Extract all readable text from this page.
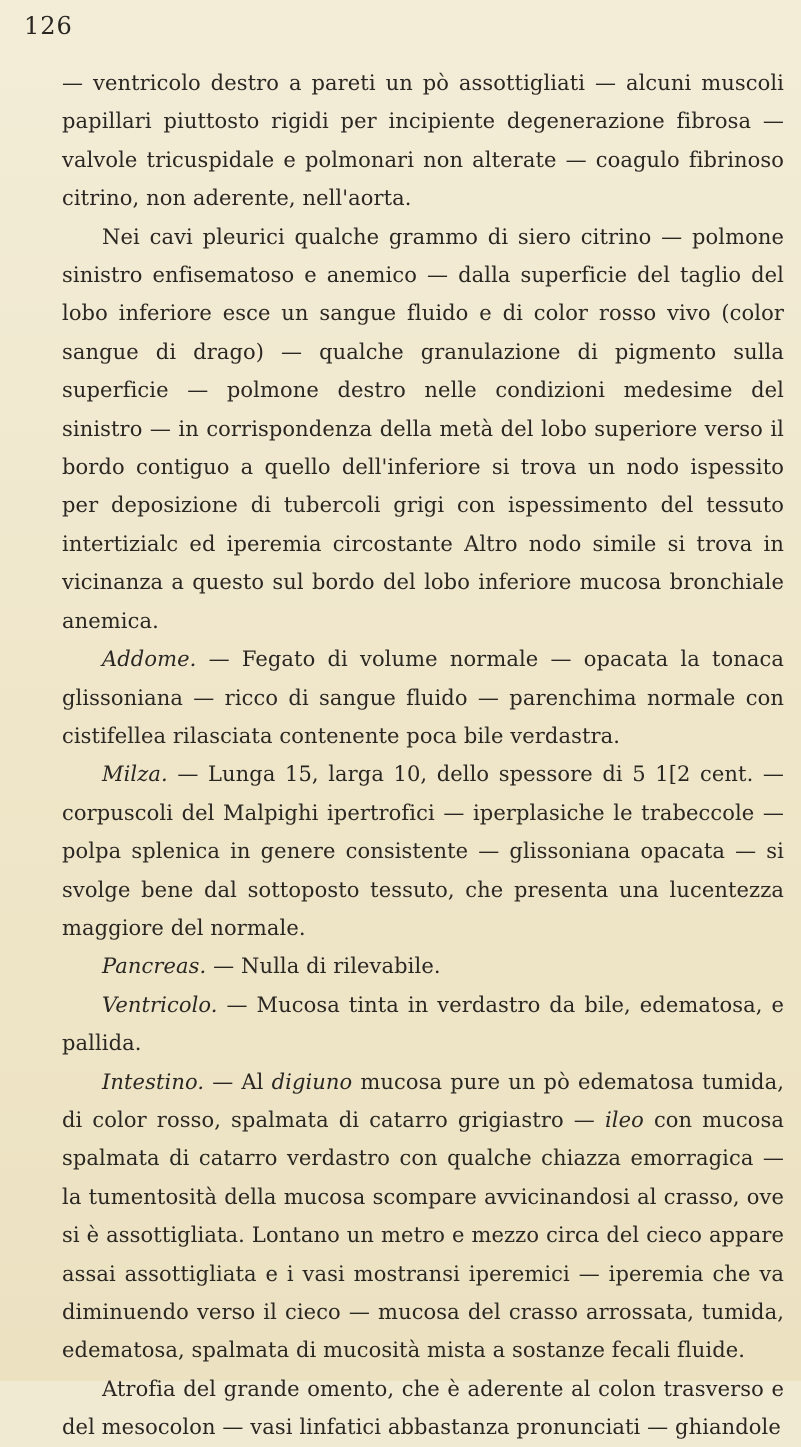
126

— ventricolo destro a pareti un pò assottigliati — alcuni muscoli papillari piuttosto rigidi per incipiente degenerazione fibrosa — valvole tricuspidale e polmonari non alterate — coagulo fibrinoso citrino, non aderente, nell'aorta.

Nei cavi pleurici qualche grammo di siero citrino — polmone sinistro enfisematoso e anemico — dalla superficie del taglio del lobo inferiore esce un sangue fluido e di color rosso vivo (color sangue di drago) — qualche granulazione di pigmento sulla superficie — polmone destro nelle condizioni medesime del sinistro — in corrispondenza della metà del lobo superiore verso il bordo contiguo a quello dell'inferiore si trova un nodo ispessito per deposizione di tubercoli grigi con ispessimento del tessuto intertizialc ed iperemia circostante Altro nodo simile si trova in vicinanza a questo sul bordo del lobo inferiore mucosa bronchiale anemica.

Addome. — Fegato di volume normale — opacata la tonaca glissoniana — ricco di sangue fluido — parenchima normale con cistifellea rilasciata contenente poca bile verdastra.

Milza. — Lunga 15, larga 10, dello spessore di 5 1[2 cent. — corpuscoli del Malpighi ipertrofici — iperplasiche le trabeccole — polpa splenica in genere consistente — glissoniana opacata — si svolge bene dal sottoposto tessuto, che presenta una lucentezza maggiore del normale.

Pancreas. — Nulla di rilevabile.

Ventricolo. — Mucosa tinta in verdastro da bile, edematosa, e pallida.

Intestino. — Al digiuno mucosa pure un pò edematosa tumida, di color rosso, spalmata di catarro grigiastro — ileo con mucosa spalmata di catarro verdastro con qualche chiazza emorragica — la tumentosità della mucosa scompare avvicinandosi al crasso, ove si è assottigliata. Lontano un metro e mezzo circa del cieco appare assai assottigliata e i vasi mostransi iperemici — iperemia che va diminuendo verso il cieco — mucosa del crasso arrossata, tumida, edematosa, spalmata di mucosità mista a sostanze fecali fluide.

Atrofia del grande omento, che è aderente al colon trasverso e del mesocolon — vasi linfatici abbastanza pronunciati — ghiandole
